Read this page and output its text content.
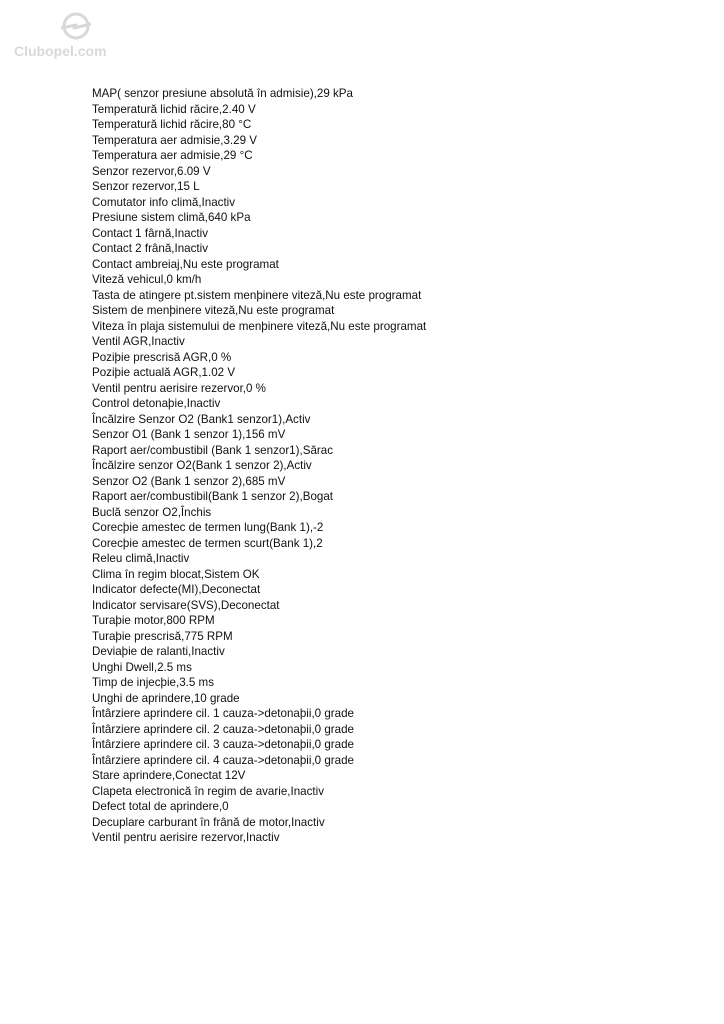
Clubopel.com
MAP( senzor presiune absolută în admisie),29 kPa
Temperatură lichid răcire,2.40 V
Temperatură lichid răcire,80 °C
Temperatura aer admisie,3.29 V
Temperatura aer admisie,29 °C
Senzor rezervor,6.09 V
Senzor rezervor,15 L
Comutator info climă,Inactiv
Presiune sistem climă,640 kPa
Contact 1 fârnă,Inactiv
Contact 2 frână,Inactiv
Contact ambreiaj,Nu este programat
Viteză vehicul,0 km/h
Tasta de atingere pt.sistem menþinere viteză,Nu este programat
Sistem de menþinere viteză,Nu este programat
Viteza în plaja sistemului de menþinere viteză,Nu este programat
Ventil AGR,Inactiv
Poziþie prescrisă AGR,0 %
Poziþie actuală AGR,1.02 V
Ventil pentru aerisire rezervor,0 %
Control detonaþie,Inactiv
Încălzire Senzor O2 (Bank1 senzor1),Activ
Senzor O1 (Bank 1 senzor 1),156 mV
Raport aer/combustibil (Bank 1 senzor1),Sărac
Încălzire senzor O2(Bank 1 senzor 2),Activ
Senzor O2 (Bank 1 senzor 2),685 mV
Raport aer/combustibil(Bank 1 senzor 2),Bogat
Buclă senzor O2,Închis
Corecþie amestec de termen lung(Bank 1),-2
Corecþie amestec de termen scurt(Bank 1),2
Releu climă,Inactiv
Clima în regim blocat,Sistem OK
Indicator defecte(MI),Deconectat
Indicator servisare(SVS),Deconectat
Turaþie motor,800 RPM
Turaþie prescrisă,775 RPM
Deviaþie de ralanti,Inactiv
Unghi Dwell,2.5 ms
Timp de injecþie,3.5 ms
Unghi de aprindere,10 grade
Întârziere aprindere cil. 1 cauza->detonaþii,0 grade
Întârziere aprindere cil. 2 cauza->detonaþii,0 grade
Întârziere aprindere cil. 3 cauza->detonaþii,0 grade
Întârziere aprindere cil. 4 cauza->detonaþii,0 grade
Stare aprindere,Conectat 12V
Clapeta electronică în regim de avarie,Inactiv
Defect total de aprindere,0
Decuplare carburant în frână de motor,Inactiv
Ventil pentru aerisire rezervor,Inactiv
